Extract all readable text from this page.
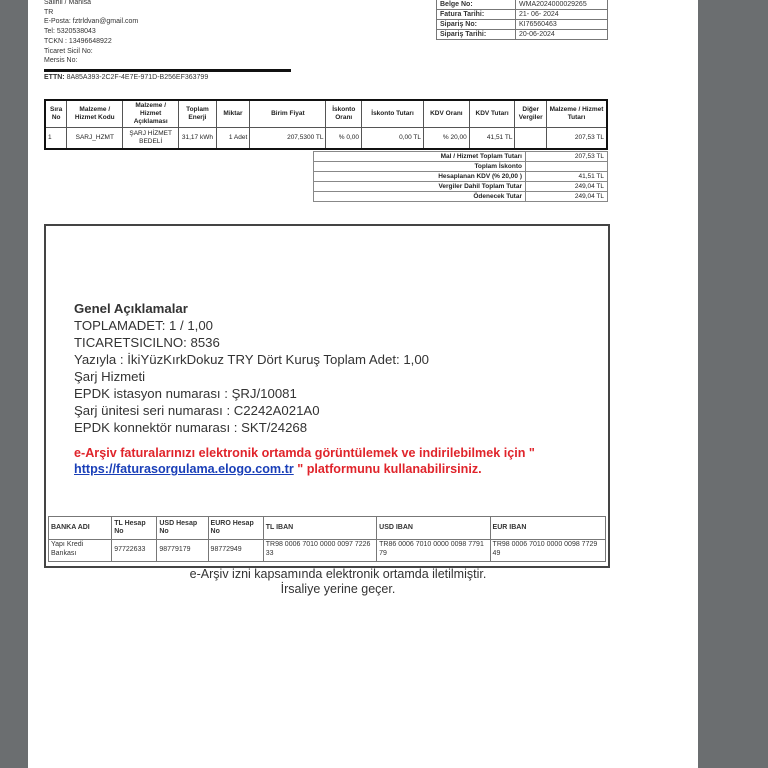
Salihli / Manisa
TR
E-Posta: fztrldvan@gmail.com
Tel: 5320538043
TCKN : 13496648922
Ticaret Sicil No:
Mersis No:
ETTN: 8A85A393-2C2F-4E7E-971D-B256EF363799
Belge No:	WMA2024000029265
Fatura Tarihi:	21- 06- 2024
Sipariş No:	KI76560463
Sipariş Tarihi:	20-06-2024
Sıra No	Malzeme / Hizmet Kodu	Malzeme / Hizmet Açıklaması	Toplam Enerji	Miktar	Birim Fiyat	İskonto Oranı	İskonto Tutarı	KDV Oranı	KDV Tutarı	Diğer Vergiler	Malzeme / Hizmet Tutarı
1	SARJ_HZMT	ŞARJ HİZMET BEDELİ	31,17 kWh	1 Adet	207,5300 TL	% 0,00	0,00 TL	% 20,00	41,51 TL		207,53 TL
Mal / Hizmet Toplam Tutarı	207,53 TL
Toplam İskonto	
Hesaplanan KDV (% 20,00 )	41,51 TL
Vergiler Dahil Toplam Tutar	249,04 TL
Ödenecek Tutar	249,04 TL
Genel Açıklamalar
TOPLAMADET: 1 / 1,00
TICARETSICILNO: 8536
Yazıyla : İkiYüzKırkDokuz TRY Dört Kuruş Toplam Adet: 1,00
Şarj Hizmeti
EPDK istasyon numarası : ŞRJ/10081
Şarj ünitesi seri numarası : C2242A021A0
EPDK konnektör numarası : SKT/24268
e-Arşiv faturalarınızı elektronik ortamda görüntülemek ve indirilebilmek için "
https://faturasorgulama.elogo.com.tr " platformunu kullanabilirsiniz.
BANKA ADI	TL Hesap No	USD Hesap No	EURO Hesap No	TL IBAN	USD IBAN	EUR IBAN
Yapı Kredi Bankası	97722633	98779179	98772949	TR98 0006 7010 0000 0097 7226 33	TR86 0006 7010 0000 0098 7791 79	TR98 0006 7010 0000 0098 7729 49
e-Arşiv izni kapsamında elektronik ortamda iletilmiştir.
İrsaliye yerine geçer.
